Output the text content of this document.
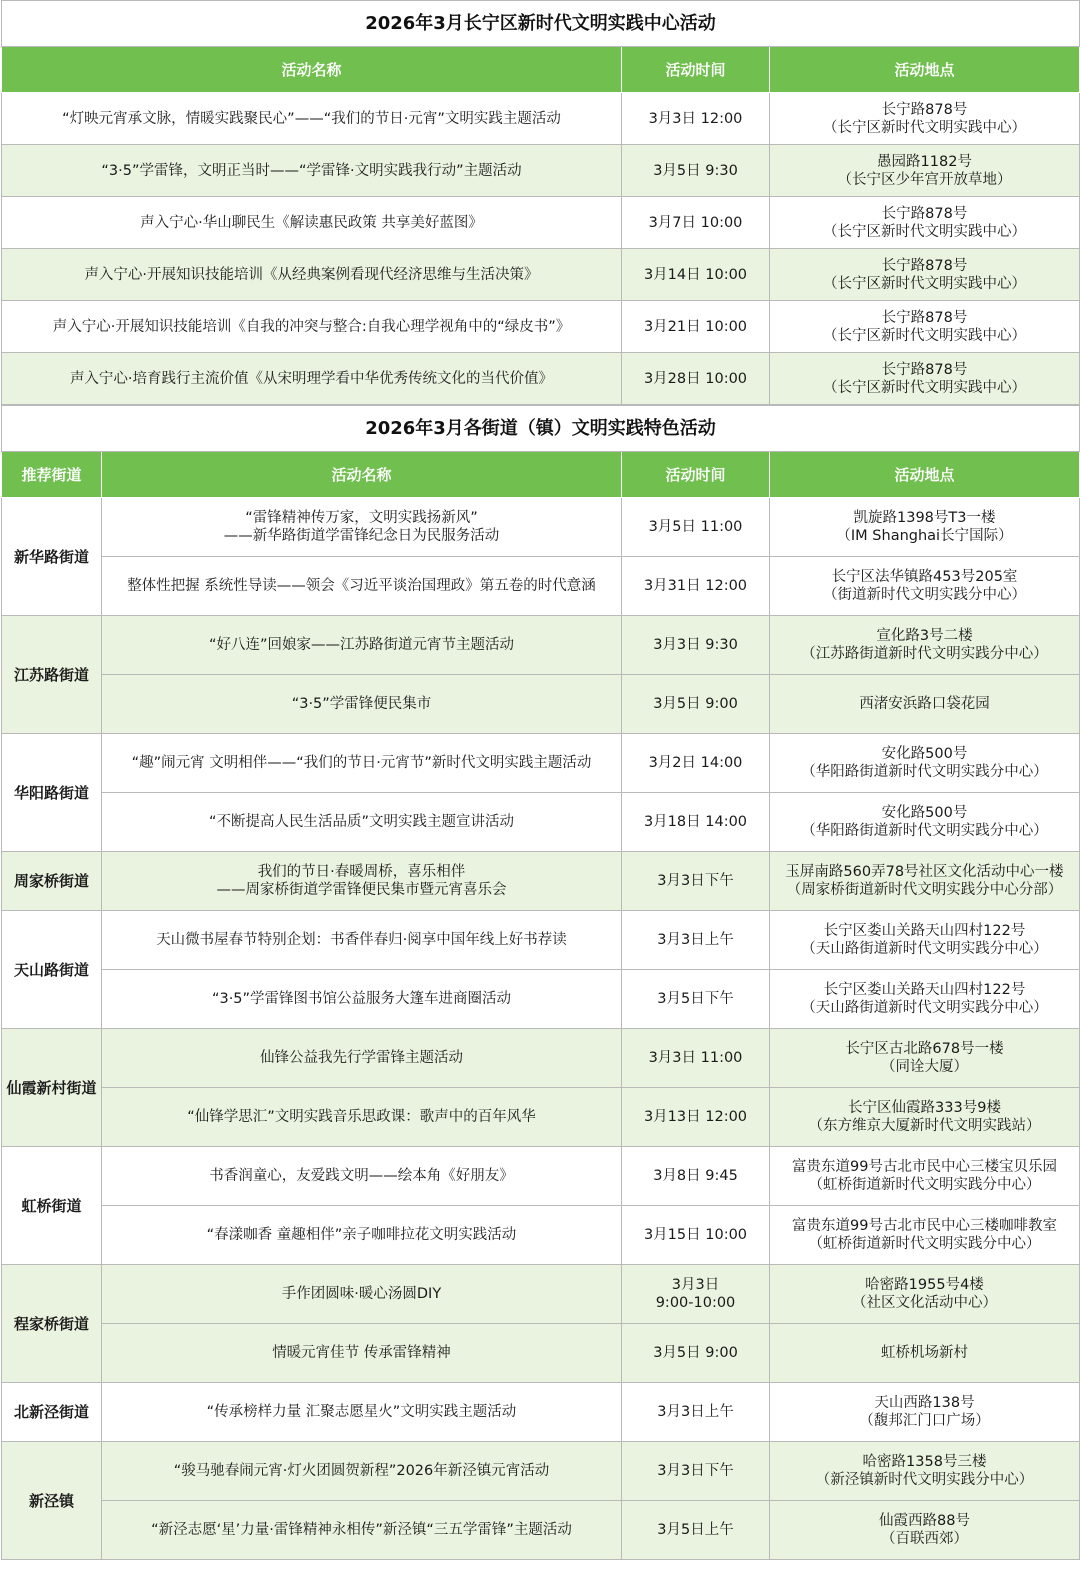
2026年3月长宁区新时代文明实践中心活动		
活动名称	活动时间	活动地点
“灯映元宵承文脉，情暖实践聚民心”——“我们的节日·元宵”文明实践主题活动	3月3日 12:00	长宁路878号
（长宁区新时代文明实践中心）

“3·5”学雷锋，文明正当时——“学雷锋·文明实践我行动”主题活动	3月5日 9:30	愚园路1182号
（长宁区少年宫开放草地）

声入宁心·华山聊民生《解读惠民政策 共享美好蓝图》	3月7日 10:00	长宁路878号
（长宁区新时代文明实践中心）

声入宁心·开展知识技能培训《从经典案例看现代经济思维与生活决策》	3月14日 10:00	长宁路878号
（长宁区新时代文明实践中心）

声入宁心·开展知识技能培训《自我的冲突与整合:自我心理学视角中的“绿皮书”》	3月21日 10:00	长宁路878号
（长宁区新时代文明实践中心）

声入宁心·培育践行主流价值《从宋明理学看中华优秀传统文化的当代价值》	3月28日 10:00	长宁路878号
（长宁区新时代文明实践中心）
2026年3月各街道（镇）文明实践特色活动			
推荐街道	活动名称	活动时间	活动地点
新华路街道	“雷锋精神传万家，文明实践扬新风”
——新华路街道学雷锋纪念日为民服务活动	3月5日 11:00	凯旋路1398号T3一楼
（IM Shanghai长宁国际）

	整体性把握 系统性导读——领会《习近平谈治国理政》第五卷的时代意涵	3月31日 12:00	长宁区法华镇路453号205室
（街道新时代文明实践分中心）

江苏路街道	“好八连”回娘家——江苏路街道元宵节主题活动	3月3日 9:30	宣化路3号二楼
（江苏路街道新时代文明实践分中心）

	“3·5”学雷锋便民集市	3月5日 9:00	西渚安浜路口袋花园

华阳路街道	“趣”闹元宵 文明相伴——“我们的节日·元宵节”新时代文明实践主题活动	3月2日 14:00	安化路500号
（华阳路街道新时代文明实践分中心）

	“不断提高人民生活品质”文明实践主题宣讲活动	3月18日 14:00	安化路500号
（华阳路街道新时代文明实践分中心）

周家桥街道	我们的节日·春暖周桥，喜乐相伴
——周家桥街道学雷锋便民集市暨元宵喜乐会	3月3日下午	玉屏南路560弄78号社区文化活动中心一楼
（周家桥街道新时代文明实践分中心分部）

天山路街道	天山微书屋春节特别企划：书香伴春归·阅享中国年线上好书荐读	3月3日上午	长宁区娄山关路天山四村122号
（天山路街道新时代文明实践分中心）

	“3·5”学雷锋图书馆公益服务大篷车进商圈活动	3月5日下午	长宁区娄山关路天山四村122号
（天山路街道新时代文明实践分中心）

仙霞新村街道	仙锋公益我先行学雷锋主题活动	3月3日 11:00	长宁区古北路678号一楼
（同诠大厦）

	“仙锋学思汇”文明实践音乐思政课：歌声中的百年风华	3月13日 12:00	长宁区仙霞路333号9楼
（东方维京大厦新时代文明实践站）

虹桥街道	书香润童心，友爱践文明——绘本角《好朋友》	3月8日 9:45	富贵东道99号古北市民中心三楼宝贝乐园
（虹桥街道新时代文明实践分中心）

	“春漾咖香 童趣相伴”亲子咖啡拉花文明实践活动	3月15日 10:00	富贵东道99号古北市民中心三楼咖啡教室
（虹桥街道新时代文明实践分中心）

程家桥街道	手作团圆味·暖心汤圆DIY	3月3日
9:00-10:00	哈密路1955号4楼
（社区文化活动中心）

	情暖元宵佳节 传承雷锋精神	3月5日 9:00	虹桥机场新村

北新泾街道	“传承榜样力量 汇聚志愿星火”文明实践主题活动	3月3日上午	天山西路138号
（馥邦汇门口广场）

新泾镇	“骏马驰春闹元宵·灯火团圆贺新程”2026年新泾镇元宵活动	3月3日下午	哈密路1358号三楼
（新泾镇新时代文明实践分中心）

	“新泾志愿‘星’力量·雷锋精神永相传”新泾镇“三五学雷锋”主题活动	3月5日上午	仙霞西路88号
（百联西郊）
